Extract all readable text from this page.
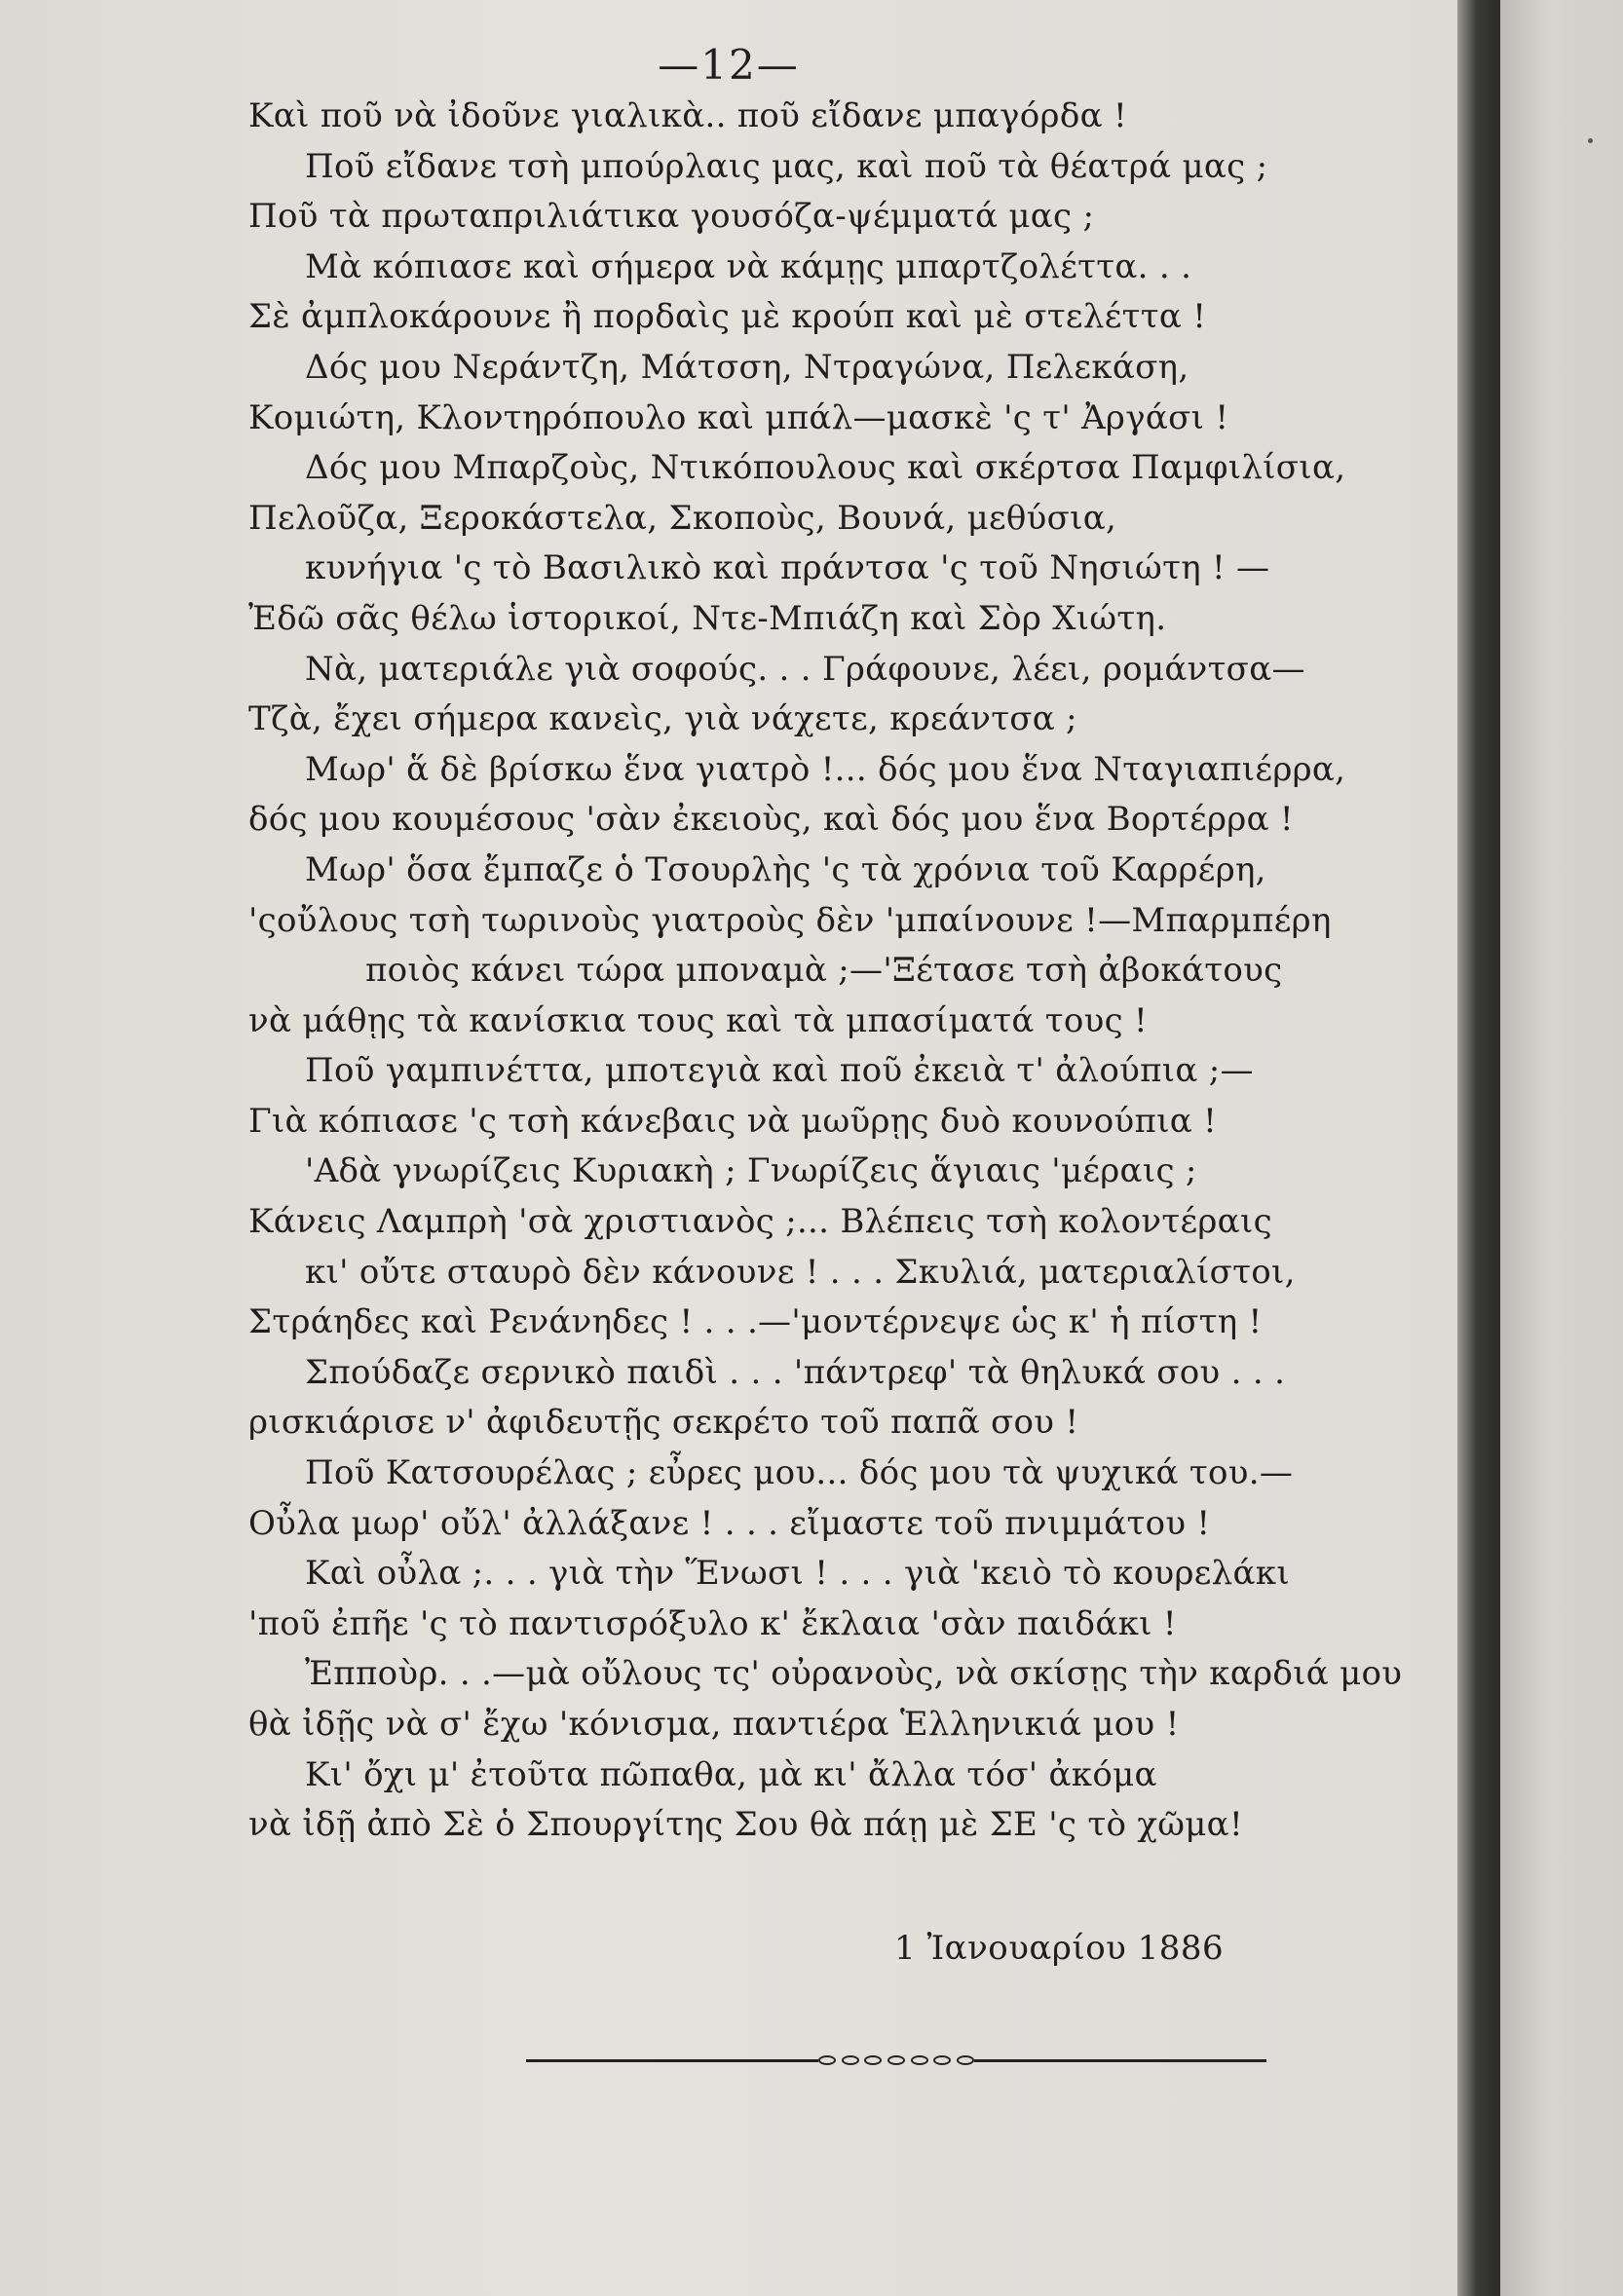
—12—
Καὶ ποῦ νὰ ἰδοῦνε γιαλικὰ.. ποῦ εἴδανε μπαγόρδα !
Ποῦ εἴδανε τσὴ μπούρλαις μας, καὶ ποῦ τὰ θέατρά μας ;
Ποῦ τὰ πρωταπριλιάτικα γουσόζα-ψέμματά μας ;
Μὰ κόπιασε καὶ σήμερα νὰ κάμῃς μπαρτζολέττα. . .
Σὲ ἀμπλοκάρουνε ἢ πορδαὶς μὲ κρούπ καὶ μὲ στελέττα !
Δός μου Νεράντζη, Μάτσση, Ντραγώνα, Πελεκάση,
Κομιώτη, Κλοντηρόπουλο καὶ μπάλ—μασκὲ 'ς τ' Ἀργάσι !
Δός μου Μπαρζοὺς, Ντικόπουλους καὶ σκέρτσα Παμφιλίσια,
Πελοῦζα, Ξεροκάστελα, Σκοποὺς, Βουνά, μεθύσια,
κυνήγια 'ς τὸ Βασιλικὸ καὶ πράντσα 'ς τοῦ Νησιώτη ! —
Ἐδῶ σᾶς θέλω ἱστορικοί, Ντε-Μπιάζη καὶ Σὸρ Χιώτη.
Νὰ, ματεριάλε γιὰ σοφούς. . . Γράφουνε, λέει, ρομάντσα—
Τζὰ, ἔχει σήμερα κανεὶς, γιὰ νάχετε, κρεάντσα ;
Μωρ' ἅ δὲ βρίσκω ἕνα γιατρὸ !... δός μου ἕνα Νταγιαπιέρρα,
δός μου κουμέσους 'σὰν ἐκειοὺς, καὶ δός μου ἕνα Βορτέρρα !
Μωρ' ὅσα ἔμπαζε ὁ Τσουρλὴς 'ς τὰ χρόνια τοῦ Καρρέρη,
'ςοὔλους τσὴ τωρινοὺς γιατροὺς δὲν 'μπαίνουνε !—Μπαρμπέρη
ποιὸς κάνει τώρα μποναμὰ ;—'Ξέτασε τσὴ ἀβοκάτους
νὰ μάθῃς τὰ κανίσκια τους καὶ τὰ μπασίματά τους !
Ποῦ γαμπινέττα, μποτεγιὰ καὶ ποῦ ἐκειὰ τ' ἀλούπια ;—
Γιὰ κόπιασε 'ς τσὴ κάνεβαις νὰ μωῦρῃς δυὸ κουνούπια !
'Αδὰ γνωρίζεις Κυριακὴ ; Γνωρίζεις ἅγιαις 'μέραις ;
Κάνεις Λαμπρὴ 'σὰ χριστιανὸς ;... Βλέπεις τσὴ κολοντέραις
κι' οὔτε σταυρὸ δὲν κάνουνε ! . . . Σκυλιά, ματεριαλίστοι,
Στράηδες καὶ Ρενάνηδες ! . . .—'μοντέρνεψε ὡς κ' ἡ πίστη !
Σπούδαζε σερνικὸ παιδὶ . . . 'πάντρεφ' τὰ θηλυκά σου . . .
ρισκιάρισε ν' ἀφιδευτῇς σεκρέτο τοῦ παπᾶ σου !
Ποῦ Κατσουρέλας ; εὖρες μου... δός μου τὰ ψυχικά του.—
Οὖλα μωρ' οὔλ' ἀλλάξανε ! . . . εἴμαστε τοῦ πνιμμάτου !
Καὶ οὖλα ;. . . γιὰ τὴν Ἕνωσι ! . . . γιὰ 'κειὸ τὸ κουρελάκι
'ποῦ ἐπῆε 'ς τὸ παντισρόξυλο κ' ἔκλαια 'σὰν παιδάκι !
Ἐπποὺρ. . .—μὰ οὔλους τς' οὐρανοὺς, νὰ σκίσῃς τὴν καρδιά μου
θὰ ἰδῇς νὰ σ' ἔχω 'κόνισμα, παντιέρα Ἑλληνικιά μου !
Κι' ὄχι μ' ἐτοῦτα πῶπαθα, μὰ κι' ἄλλα τόσ' ἀκόμα
νὰ ἰδῇ ἀπὸ Σὲ ὁ Σπουργίτης Σου θὰ πάῃ μὲ ΣΕ 'ς τὸ χῶμα!
1 Ἰανουαρίου 1886
